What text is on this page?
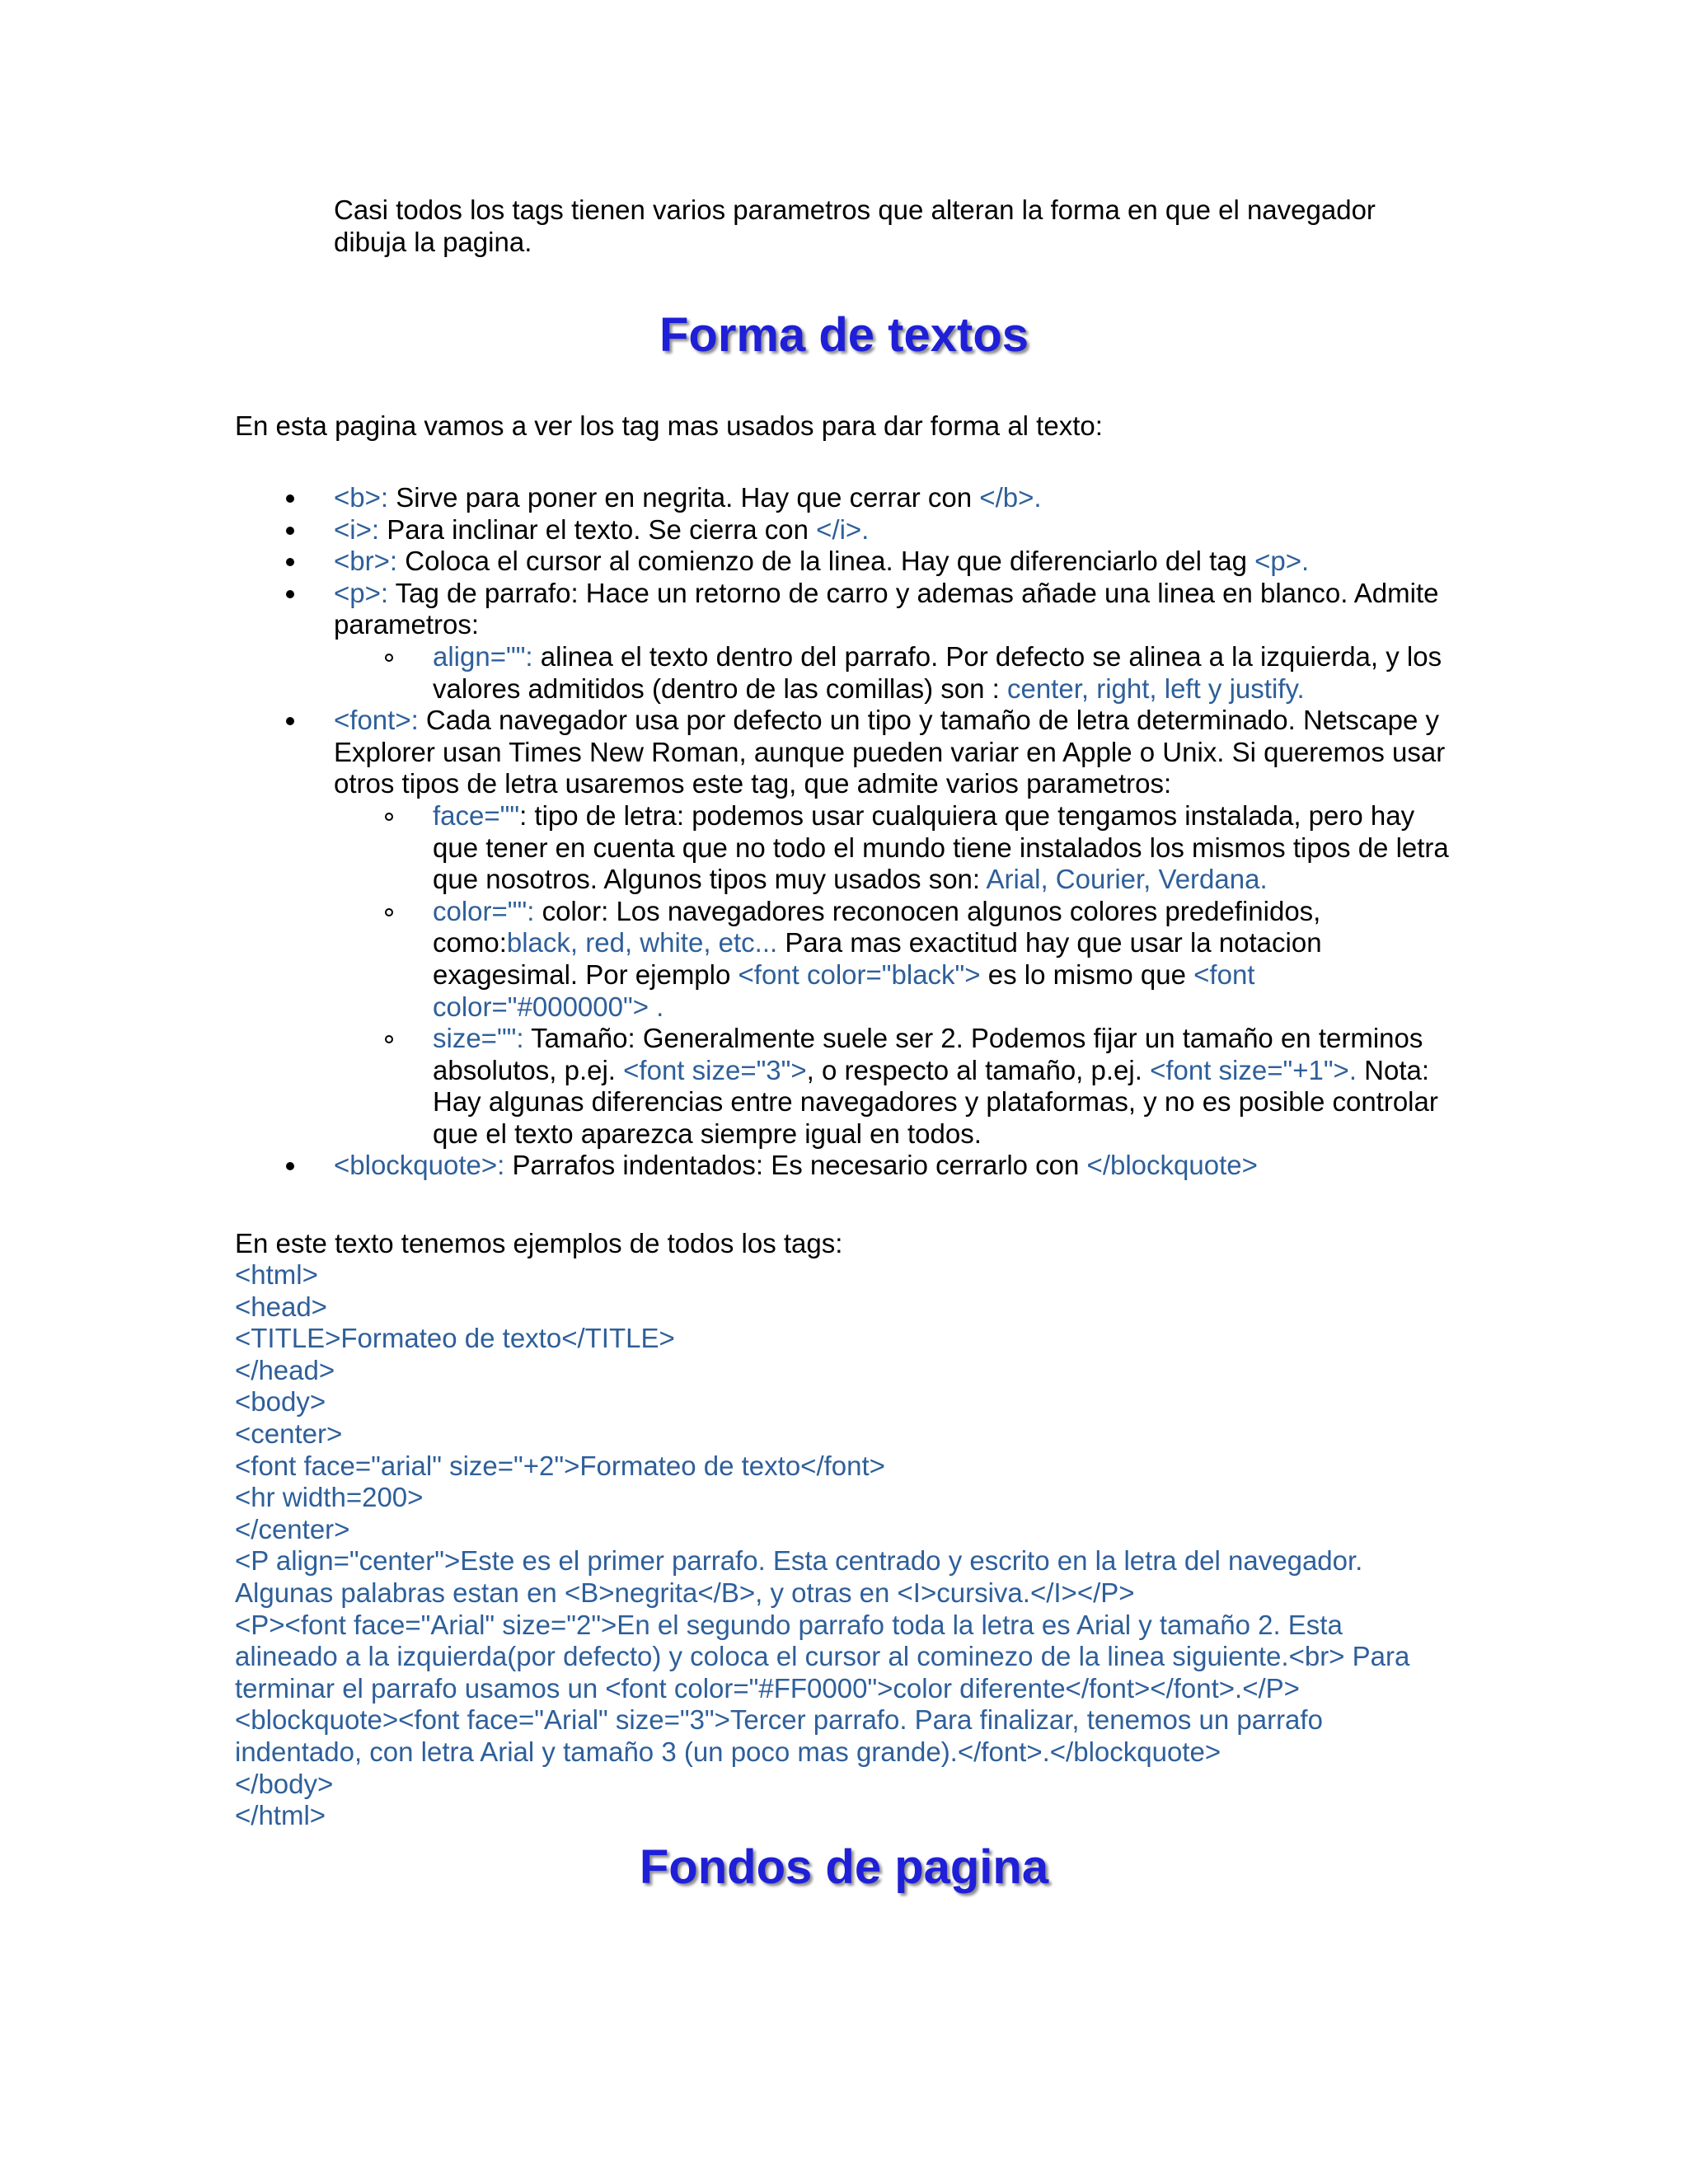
Casi todos los tags tienen varios parametros que alteran la forma en que el navegador dibuja la pagina.

Forma de textos

En esta pagina vamos a ver los tag mas usados para dar forma al texto:

<b>: Sirve para poner en negrita. Hay que cerrar con </b>.
<i>: Para inclinar el texto. Se cierra con </i>.
<br>: Coloca el cursor al comienzo de la linea. Hay que diferenciarlo del tag <p>.
<p>: Tag de parrafo: Hace un retorno de carro y ademas añade una linea en blanco. Admite parametros:
align="": alinea el texto dentro del parrafo. Por defecto se alinea a la izquierda, y los valores admitidos (dentro de las comillas) son : center, right, left y justify.
<font>: Cada navegador usa por defecto un tipo y tamaño de letra determinado. Netscape y Explorer usan Times New Roman, aunque pueden variar en Apple o Unix. Si queremos usar otros tipos de letra usaremos este tag, que admite varios parametros:
face="": tipo de letra: podemos usar cualquiera que tengamos instalada, pero hay que tener en cuenta que no todo el mundo tiene instalados los mismos tipos de letra que nosotros. Algunos tipos muy usados son: Arial, Courier, Verdana.
color="": color: Los navegadores reconocen algunos colores predefinidos, como:black, red, white, etc... Para mas exactitud hay que usar la notacion exagesimal. Por ejemplo <font color="black"> es lo mismo que <font color="#000000"> .
size="": Tamaño: Generalmente suele ser 2. Podemos fijar un tamaño en terminos absolutos, p.ej. <font size="3">, o respecto al tamaño, p.ej. <font size="+1">. Nota: Hay algunas diferencias entre navegadores y plataformas, y no es posible controlar que el texto aparezca siempre igual en todos.
<blockquote>: Parrafos indentados: Es necesario cerrarlo con </blockquote>

En este texto tenemos ejemplos de todos los tags:

<html>
<head>
<TITLE>Formateo de texto</TITLE>
</head>
<body>
<center>
<font face="arial" size="+2">Formateo de texto</font>
<hr width=200>
</center>
<P align="center">Este es el primer parrafo. Esta centrado y escrito en la letra del navegador. Algunas palabras estan en <B>negrita</B>, y otras en <I>cursiva.</I></P>
<P><font face="Arial" size="2">En el segundo parrafo toda la letra es Arial y tamaño 2. Esta alineado a la izquierda(por defecto) y coloca el cursor al cominezo de la linea siguiente.<br> Para terminar el parrafo usamos un <font color="#FF0000">color diferente</font></font>.</P>
<blockquote><font face="Arial" size="3">Tercer parrafo. Para finalizar, tenemos un parrafo indentado, con letra Arial y tamaño 3 (un poco mas grande).</font>.</blockquote>
</body>
</html>
Fondos de pagina
